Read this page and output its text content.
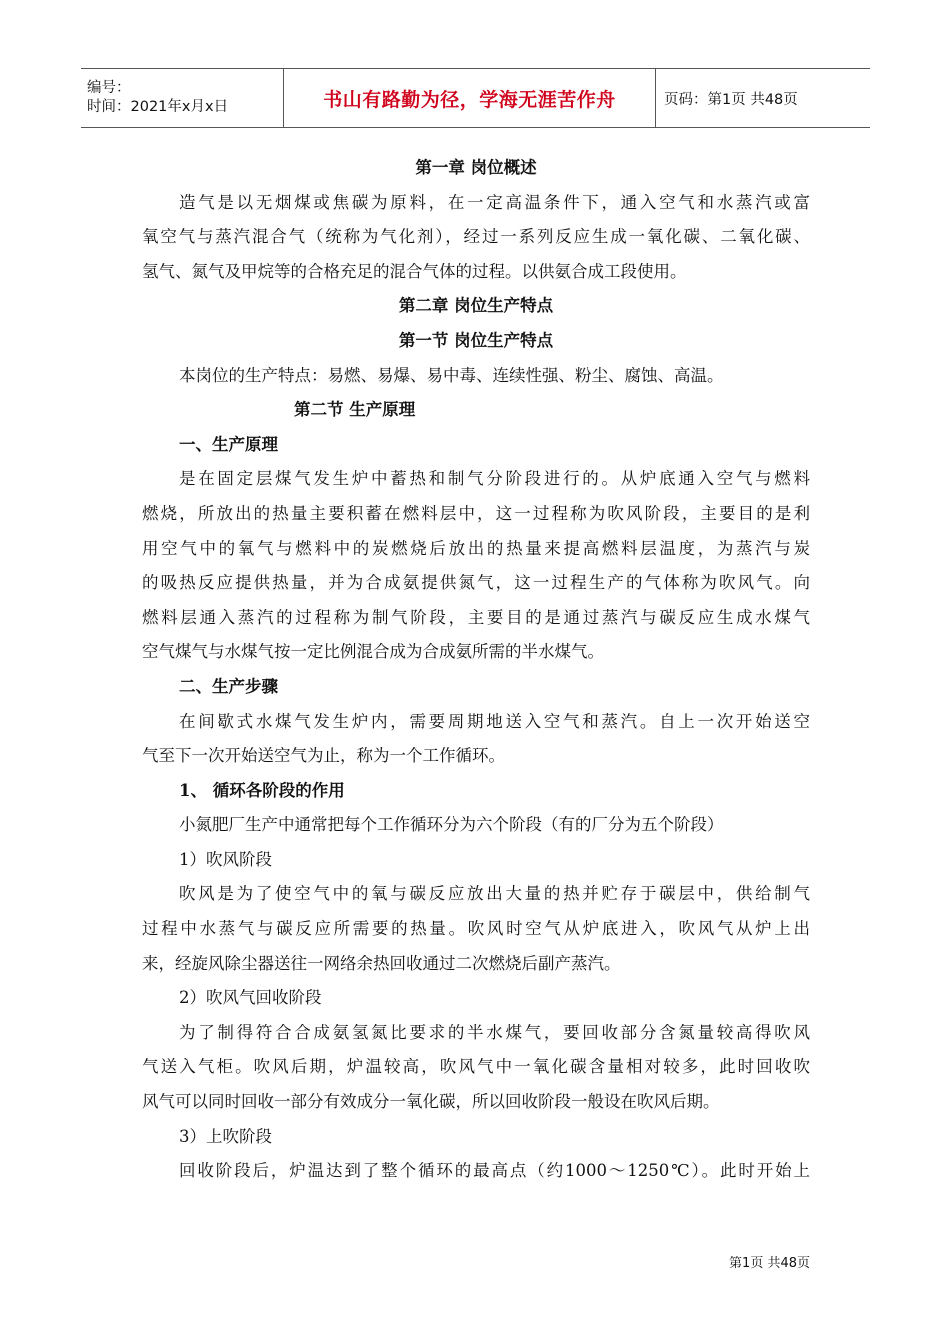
编号：
时间：2021年x月x日	书山有路勤为径，学海无涯苦作舟	页码：第1页 共48页
第一章 岗位概述
造气是以无烟煤或焦碳为原料，在一定高温条件下，通入空气和水蒸汽或富
氧空气与蒸汽混合气（统称为气化剂），经过一系列反应生成一氧化碳、二氧化碳、
氢气、氮气及甲烷等的合格充足的混合气体的过程。以供氨合成工段使用。
第二章 岗位生产特点
第一节 岗位生产特点
本岗位的生产特点：易燃、易爆、易中毒、连续性强、粉尘、腐蚀、高温。
第二节 生产原理
一、生产原理
是在固定层煤气发生炉中蓄热和制气分阶段进行的。从炉底通入空气与燃料
燃烧，所放出的热量主要积蓄在燃料层中，这一过程称为吹风阶段，主要目的是利
用空气中的氧气与燃料中的炭燃烧后放出的热量来提高燃料层温度，为蒸汽与炭
的吸热反应提供热量，并为合成氨提供氮气，这一过程生产的气体称为吹风气。向
燃料层通入蒸汽的过程称为制气阶段，主要目的是通过蒸汽与碳反应生成水煤气
空气煤气与水煤气按一定比例混合成为合成氨所需的半水煤气。
二、生产步骤
在间歇式水煤气发生炉内，需要周期地送入空气和蒸汽。自上一次开始送空
气至下一次开始送空气为止，称为一个工作循环。
1、 循环各阶段的作用
小氮肥厂生产中通常把每个工作循环分为六个阶段（有的厂分为五个阶段）
1）吹风阶段
吹风是为了使空气中的氧与碳反应放出大量的热并贮存于碳层中，供给制气
过程中水蒸气与碳反应所需要的热量。吹风时空气从炉底进入，吹风气从炉上出
来，经旋风除尘器送往一网络余热回收通过二次燃烧后副产蒸汽。
2）吹风气回收阶段
为了制得符合合成氨氢氮比要求的半水煤气，要回收部分含氮量较高得吹风
气送入气柜。吹风后期，炉温较高，吹风气中一氧化碳含量相对较多，此时回收吹
风气可以同时回收一部分有效成分一氧化碳，所以回收阶段一般设在吹风后期。
3）上吹阶段
回收阶段后，炉温达到了整个循环的最高点（约1000～1250℃）。此时开始上
第1页 共48页
